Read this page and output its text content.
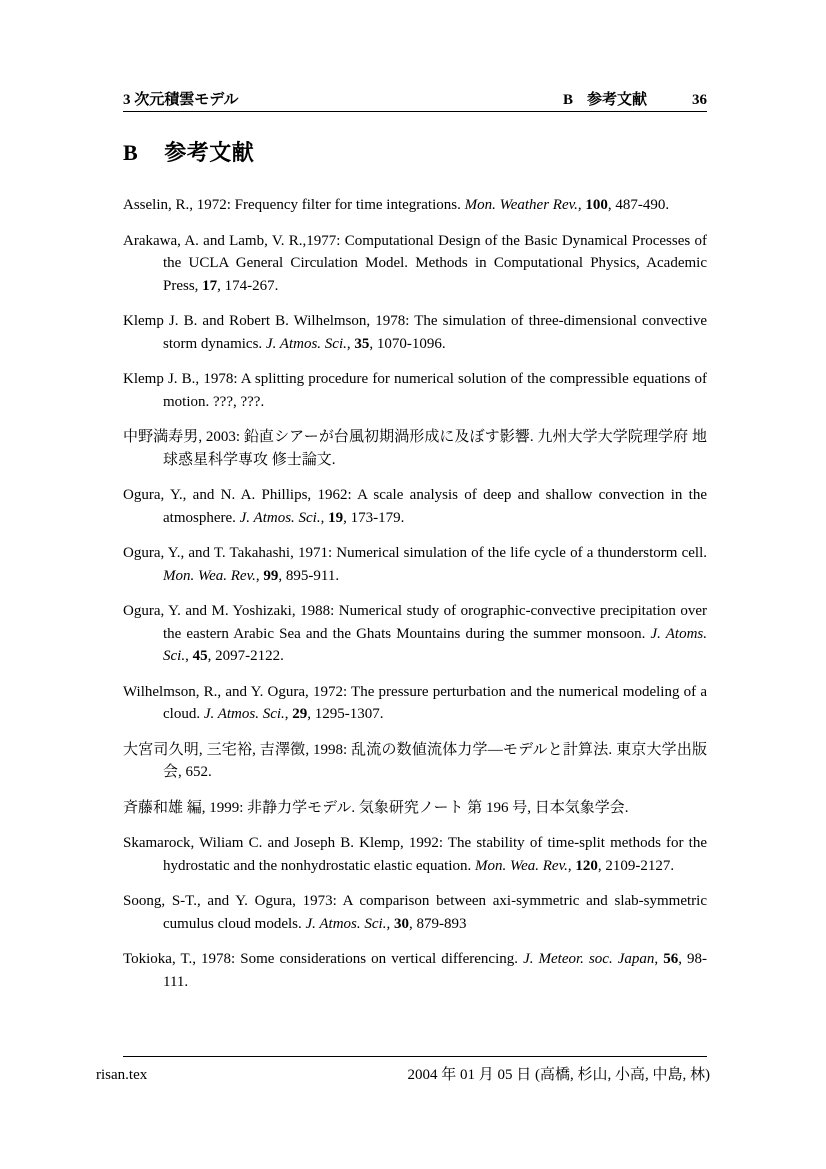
3 次元積雲モデル	B 参考文献	36
B 参考文献

Asselin, R., 1972: Frequency filter for time integrations. Mon. Weather Rev., 100, 487-490.

Arakawa, A. and Lamb, V. R.,1977: Computational Design of the Basic Dynamical Processes of the UCLA General Circulation Model. Methods in Computational Physics, Academic Press, 17, 174-267.

Klemp J. B. and Robert B. Wilhelmson, 1978: The simulation of three-dimensional convective storm dynamics. J. Atmos. Sci., 35, 1070-1096.

Klemp J. B., 1978: A splitting procedure for numerical solution of the compressible equations of motion. ???, ???.

中野満寿男, 2003: 鉛直シアーが台風初期渦形成に及ぼす影響. 九州大学大学院理学府 地球惑星科学専攻 修士論文.

Ogura, Y., and N. A. Phillips, 1962: A scale analysis of deep and shallow convection in the atmosphere. J. Atmos. Sci., 19, 173-179.

Ogura, Y., and T. Takahashi, 1971: Numerical simulation of the life cycle of a thunderstorm cell. Mon. Wea. Rev., 99, 895-911.

Ogura, Y. and M. Yoshizaki, 1988: Numerical study of orographic-convective precipitation over the eastern Arabic Sea and the Ghats Mountains during the summer monsoon. J. Atoms. Sci., 45, 2097-2122.

Wilhelmson, R., and Y. Ogura, 1972: The pressure perturbation and the numerical modeling of a cloud. J. Atmos. Sci., 29, 1295-1307.

大宮司久明, 三宅裕, 吉澤徴, 1998: 乱流の数値流体力学—モデルと計算法. 東京大学出版会, 652.

斉藤和雄 編, 1999: 非静力学モデル. 気象研究ノート 第 196 号, 日本気象学会.

Skamarock, Wiliam C. and Joseph B. Klemp, 1992: The stability of time-split methods for the hydrostatic and the nonhydrostatic elastic equation. Mon. Wea. Rev., 120, 2109-2127.

Soong, S-T., and Y. Ogura, 1973: A comparison between axi-symmetric and slab-symmetric cumulus cloud models. J. Atmos. Sci., 30, 879-893

Tokioka, T., 1978: Some considerations on vertical differencing. J. Meteor. soc. Japan, 56, 98-111.

risan.tex	2004 年 01 月 05 日 (高橋, 杉山, 小高, 中島, 林)
